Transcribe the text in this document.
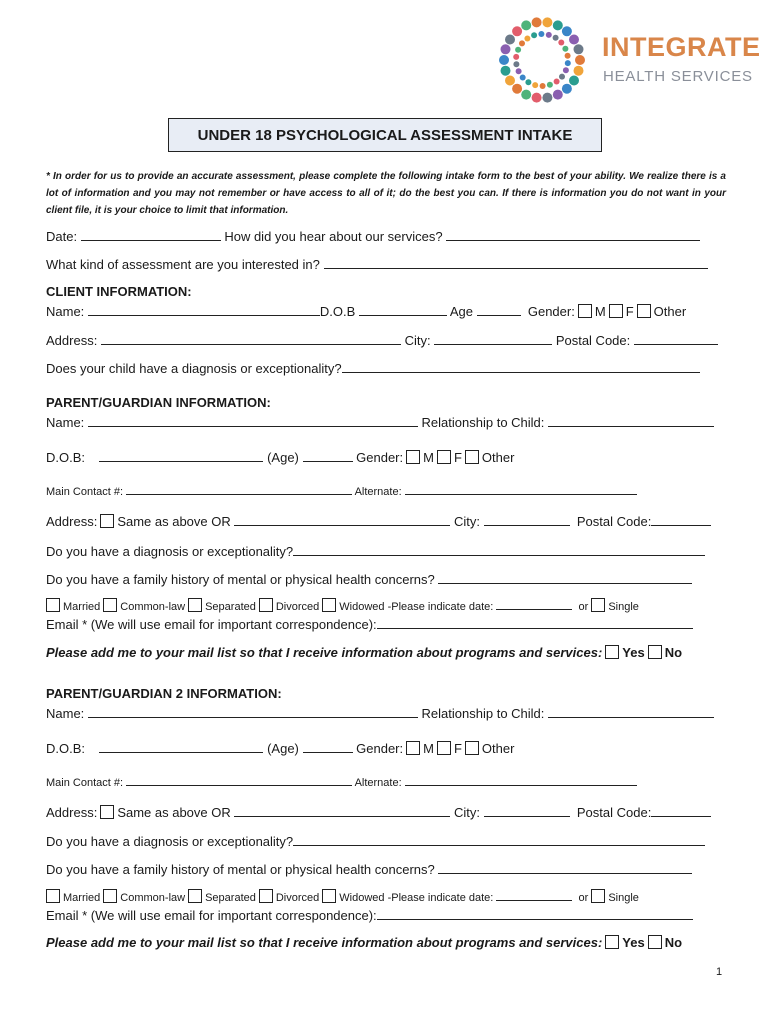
INTEGRATE
HEALTH SERVICES
UNDER 18 PSYCHOLOGICAL ASSESSMENT INTAKE
* In order for us to provide an accurate assessment, please complete the following intake form to the best of your ability. We realize there is a lot of information and you may not remember or have access to all of it; do the best you can. If there is information you do not want in your client file, it is your choice to limit that information.
Date:	How did you hear about our services?
What kind of assessment are you interested in?
CLIENT INFORMATION:
Name:	D.O.B	Age	Gender: M F Other
Address:	City:	Postal Code:
Does your child have a diagnosis or exceptionality?
PARENT/GUARDIAN INFORMATION:
Name:	Relationship to Child:
D.O.B:	(Age)	Gender: M F Other
Main Contact #:	Alternate:
Address: Same as above OR	City:	Postal Code:
Do you have a diagnosis or exceptionality?
Do you have a family history of mental or physical health concerns?
Married Common-law Separated Divorced Widowed -Please indicate date:	or Single
Email * (We will use email for important correspondence):
Please add me to your mail list so that I receive information about programs and services: Yes No
PARENT/GUARDIAN 2 INFORMATION:
Name:	Relationship to Child:
D.O.B:	(Age)	Gender: M F Other
Main Contact #:	Alternate:
Address: Same as above OR	City:	Postal Code:
Do you have a diagnosis or exceptionality?
Do you have a family history of mental or physical health concerns?
Married Common-law Separated Divorced Widowed -Please indicate date:	or Single
Email * (We will use email for important correspondence):
Please add me to your mail list so that I receive information about programs and services: Yes No
1
